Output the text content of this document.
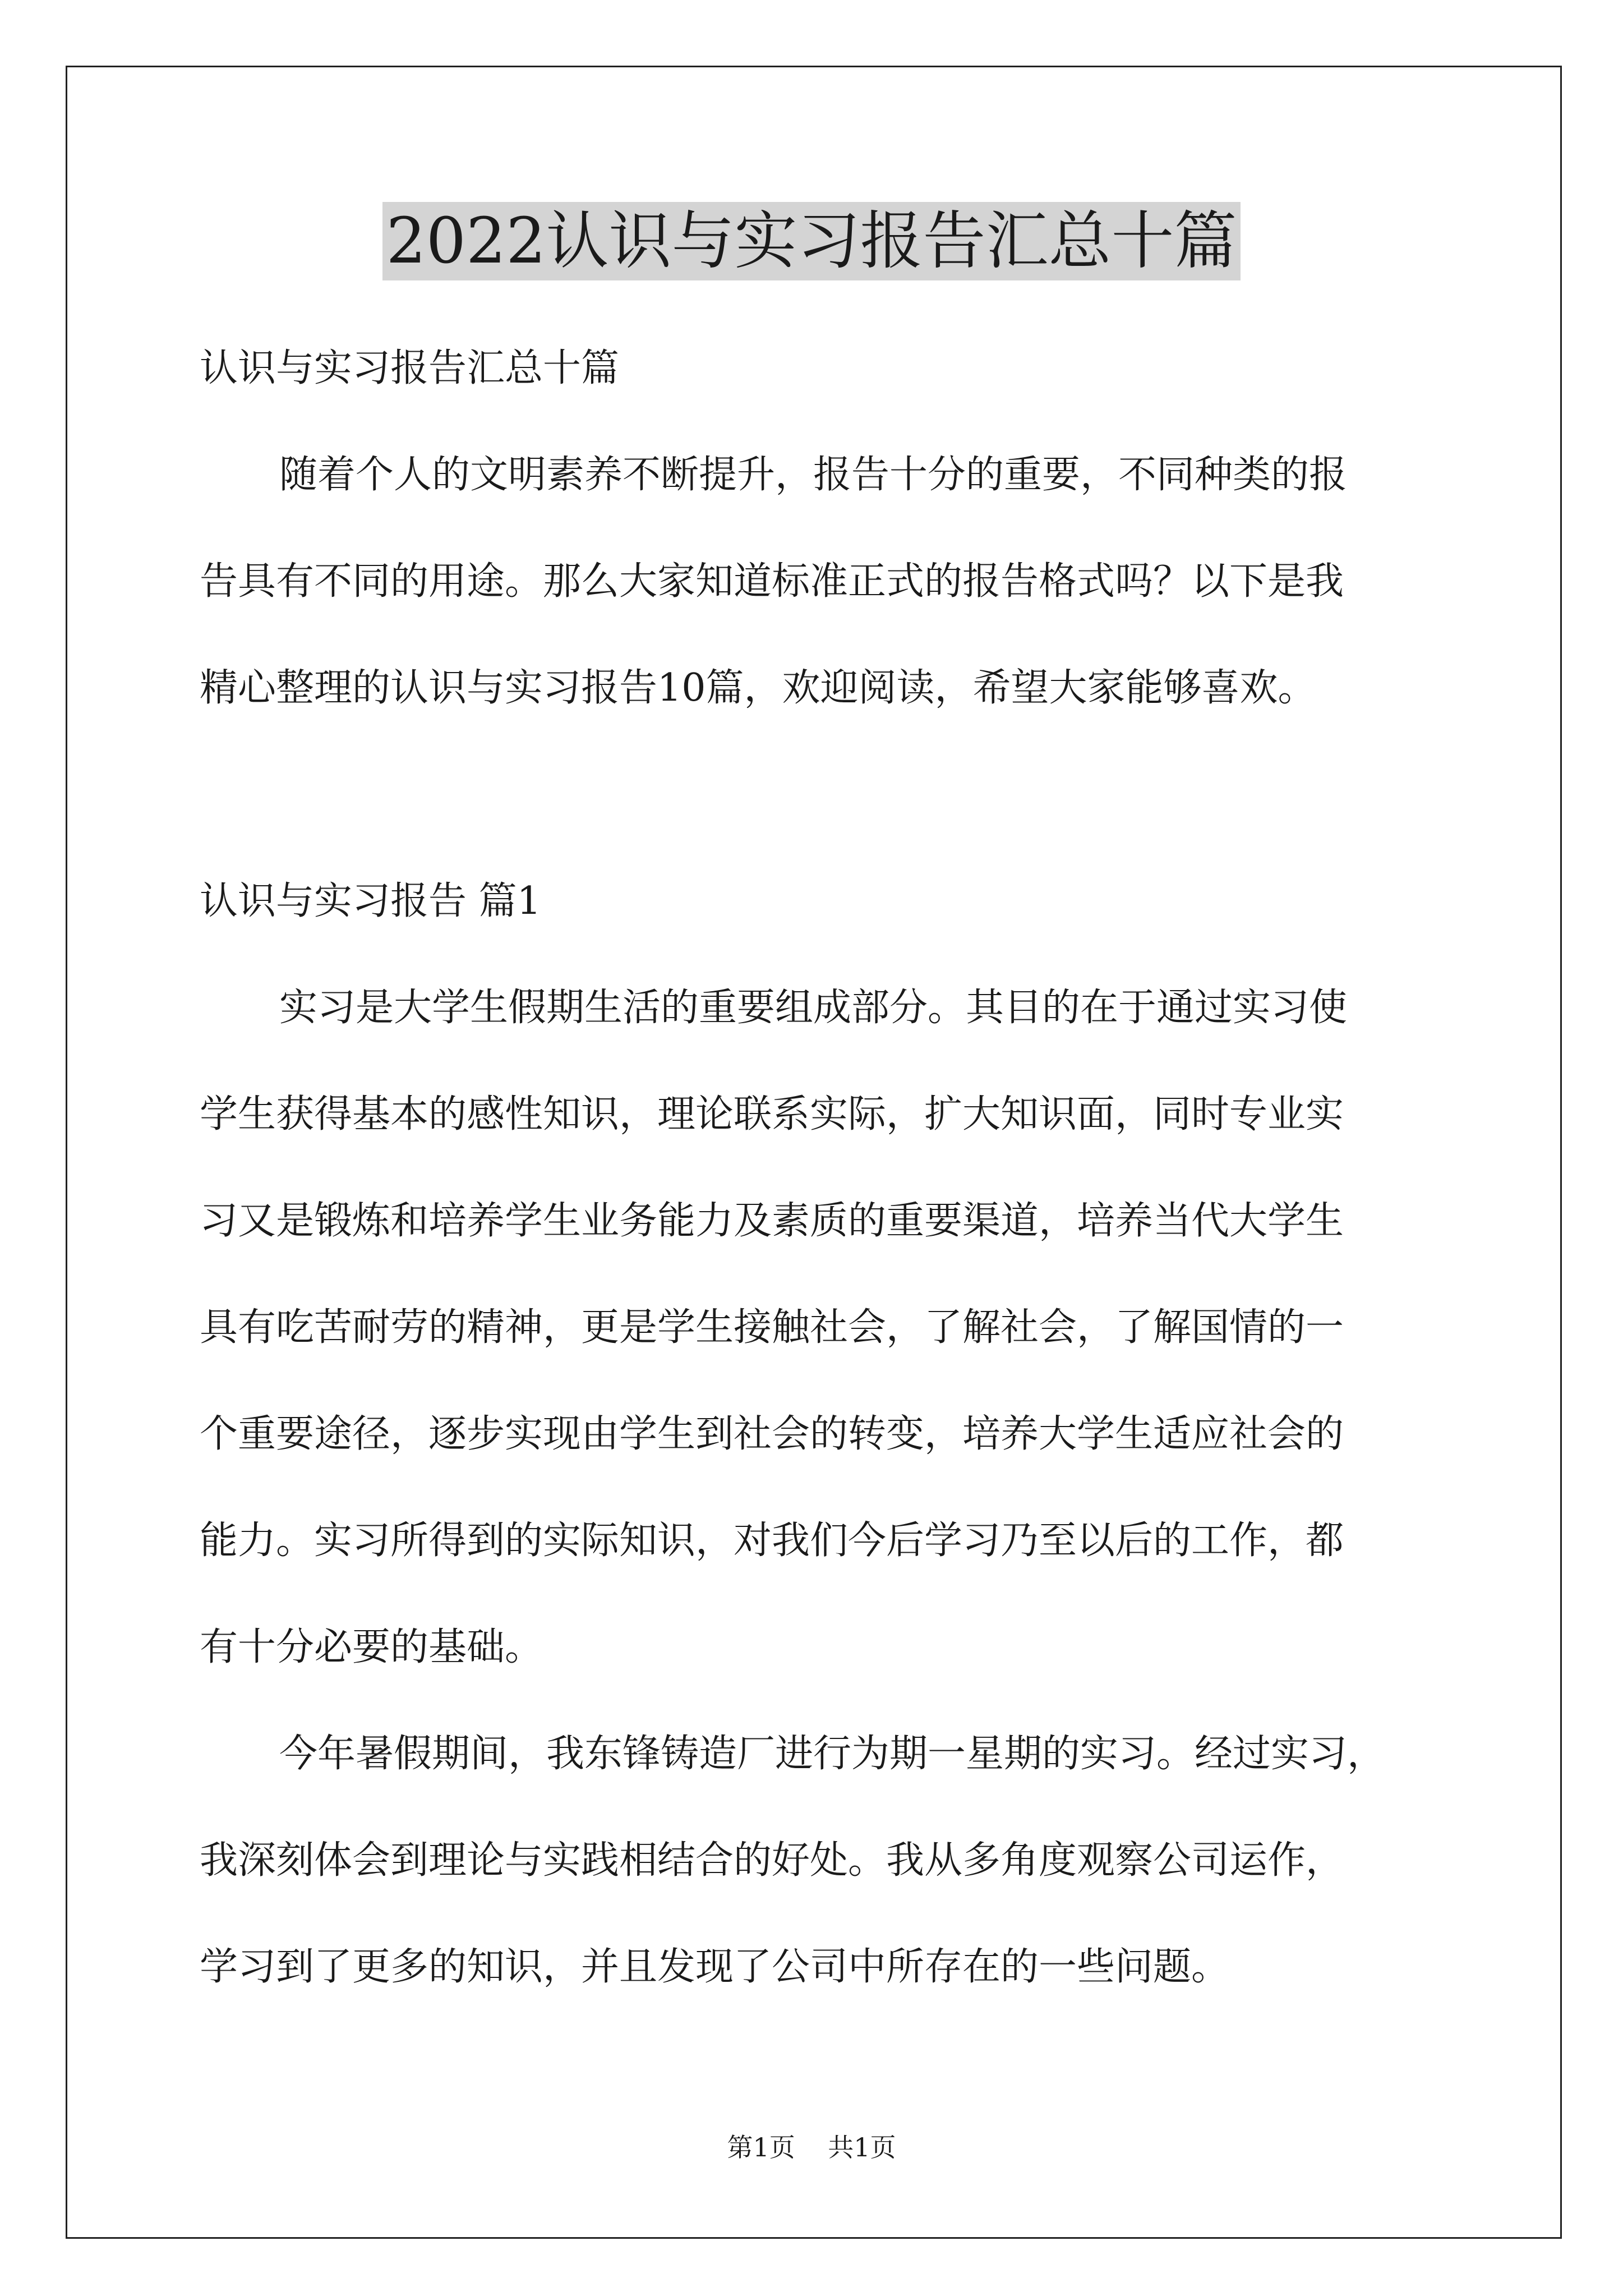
2022认识与实习报告汇总十篇
认识与实习报告汇总十篇
随着个人的文明素养不断提升，报告十分的重要，不同种类的报
告具有不同的用途。那么大家知道标准正式的报告格式吗？以下是我
精心整理的认识与实习报告10篇，欢迎阅读，希望大家能够喜欢。
认识与实习报告 篇1
实习是大学生假期生活的重要组成部分。其目的在于通过实习使
学生获得基本的感性知识，理论联系实际，扩大知识面，同时专业实
习又是锻炼和培养学生业务能力及素质的重要渠道，培养当代大学生
具有吃苦耐劳的精神，更是学生接触社会，了解社会，了解国情的一
个重要途径，逐步实现由学生到社会的转变，培养大学生适应社会的
能力。实习所得到的实际知识，对我们今后学习乃至以后的工作，都
有十分必要的基础。
今年暑假期间，我东锋铸造厂进行为期一星期的实习。经过实习，
我深刻体会到理论与实践相结合的好处。我从多角度观察公司运作，
学习到了更多的知识，并且发现了公司中所存在的一些问题。
第1页    共1页
